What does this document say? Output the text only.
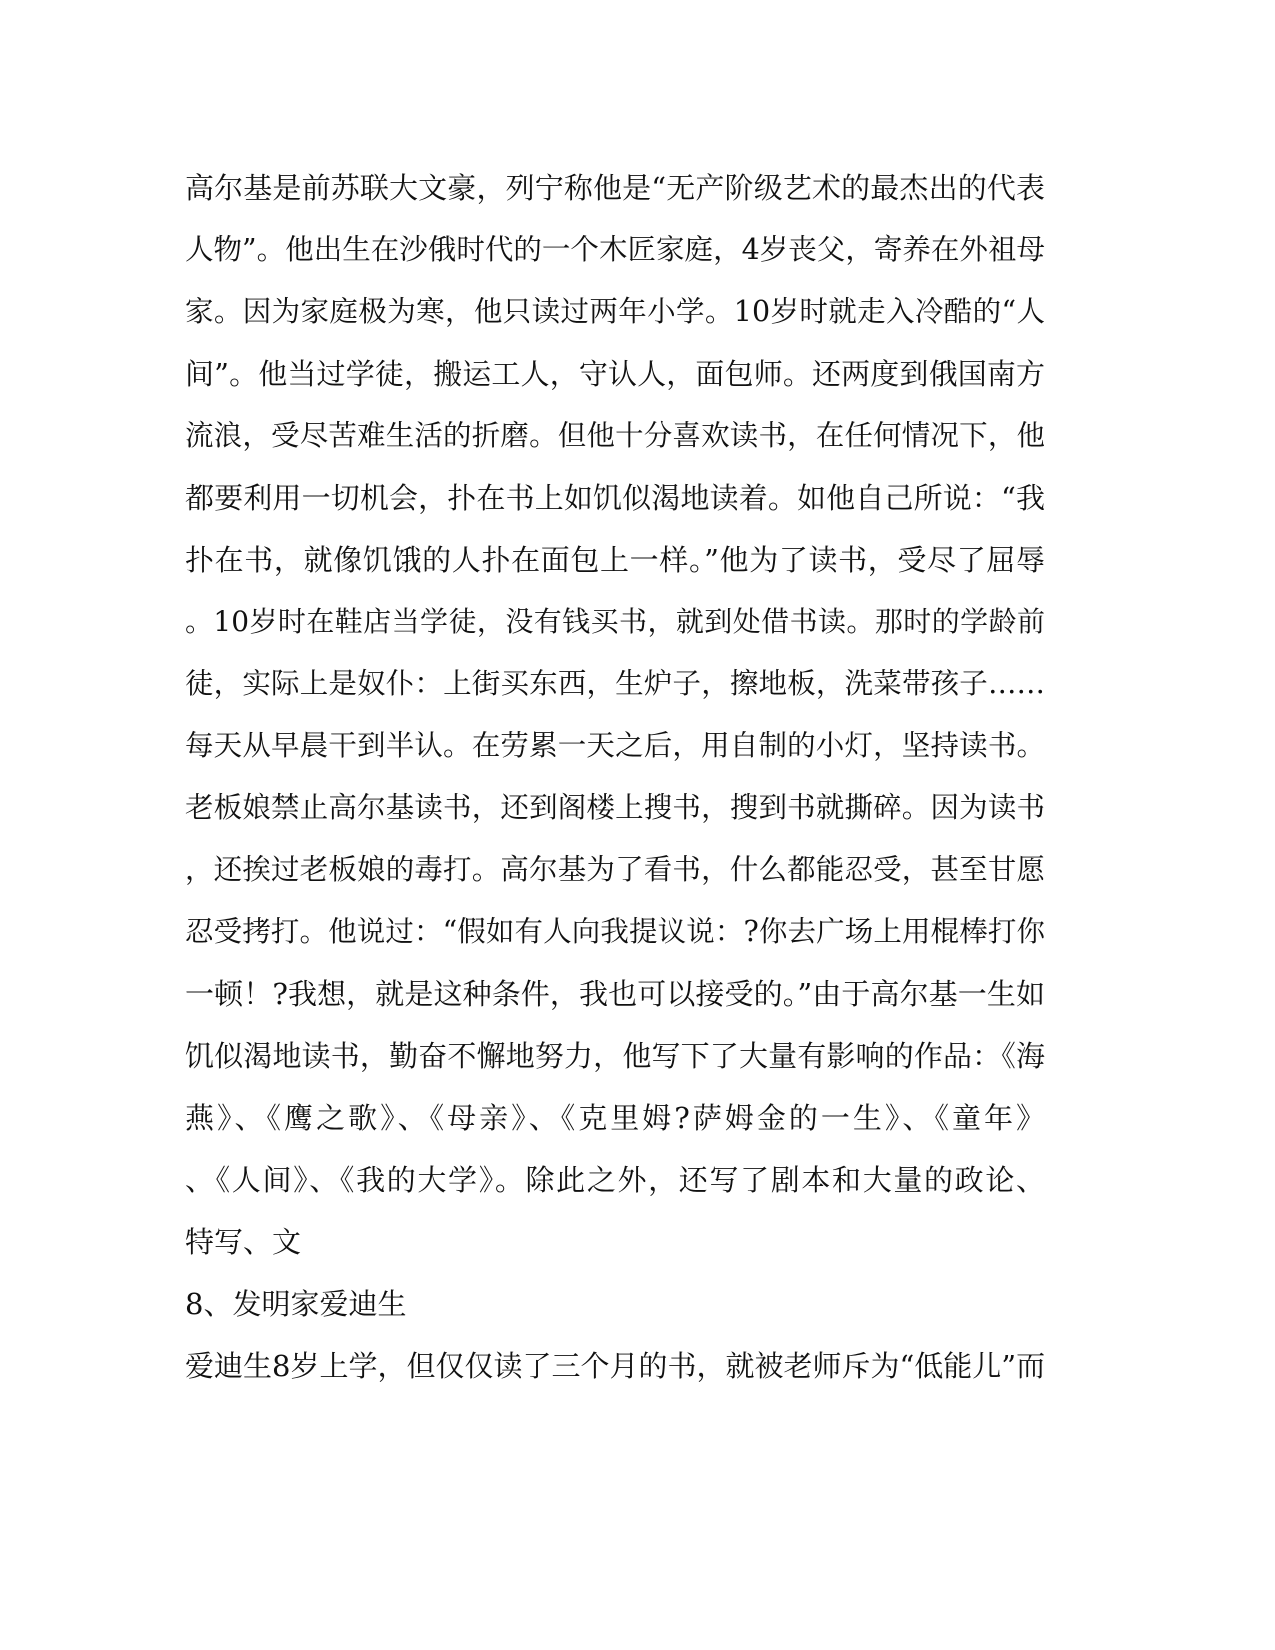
高尔基是前苏联大文豪，列宁称他是“无产阶级艺术的最杰出的代表

人物”。他出生在沙俄时代的一个木匠家庭，4岁丧父，寄养在外祖母

家。因为家庭极为寒，他只读过两年小学。10岁时就走入冷酷的“人

间”。他当过学徒，搬运工人，守认人，面包师。还两度到俄国南方

流浪，受尽苦难生活的折磨。但他十分喜欢读书，在任何情况下，他

都要利用一切机会，扑在书上如饥似渴地读着。如他自己所说：“我

扑在书，就像饥饿的人扑在面包上一样。”他为了读书，受尽了屈辱

。10岁时在鞋店当学徒，没有钱买书，就到处借书读。那时的学龄前

徒，实际上是奴仆：上街买东西，生炉子，擦地板，洗菜带孩子……

每天从早晨干到半认。在劳累一天之后，用自制的小灯，坚持读书。

老板娘禁止高尔基读书，还到阁楼上搜书，搜到书就撕碎。因为读书

，还挨过老板娘的毒打。高尔基为了看书，什么都能忍受，甚至甘愿

忍受拷打。他说过：“假如有人向我提议说：?你去广场上用棍棒打你

一顿！?我想，就是这种条件，我也可以接受的。”由于高尔基一生如

饥似渴地读书，勤奋不懈地努力，他写下了大量有影响的作品：《海

燕》、《鹰之歌》、《母亲》、《克里姆?萨姆金的一生》、《童年》

、《人间》、《我的大学》。除此之外，还写了剧本和大量的政论、

特写、文

8、发明家爱迪生

爱迪生8岁上学，但仅仅读了三个月的书，就被老师斥为“低能儿”而
